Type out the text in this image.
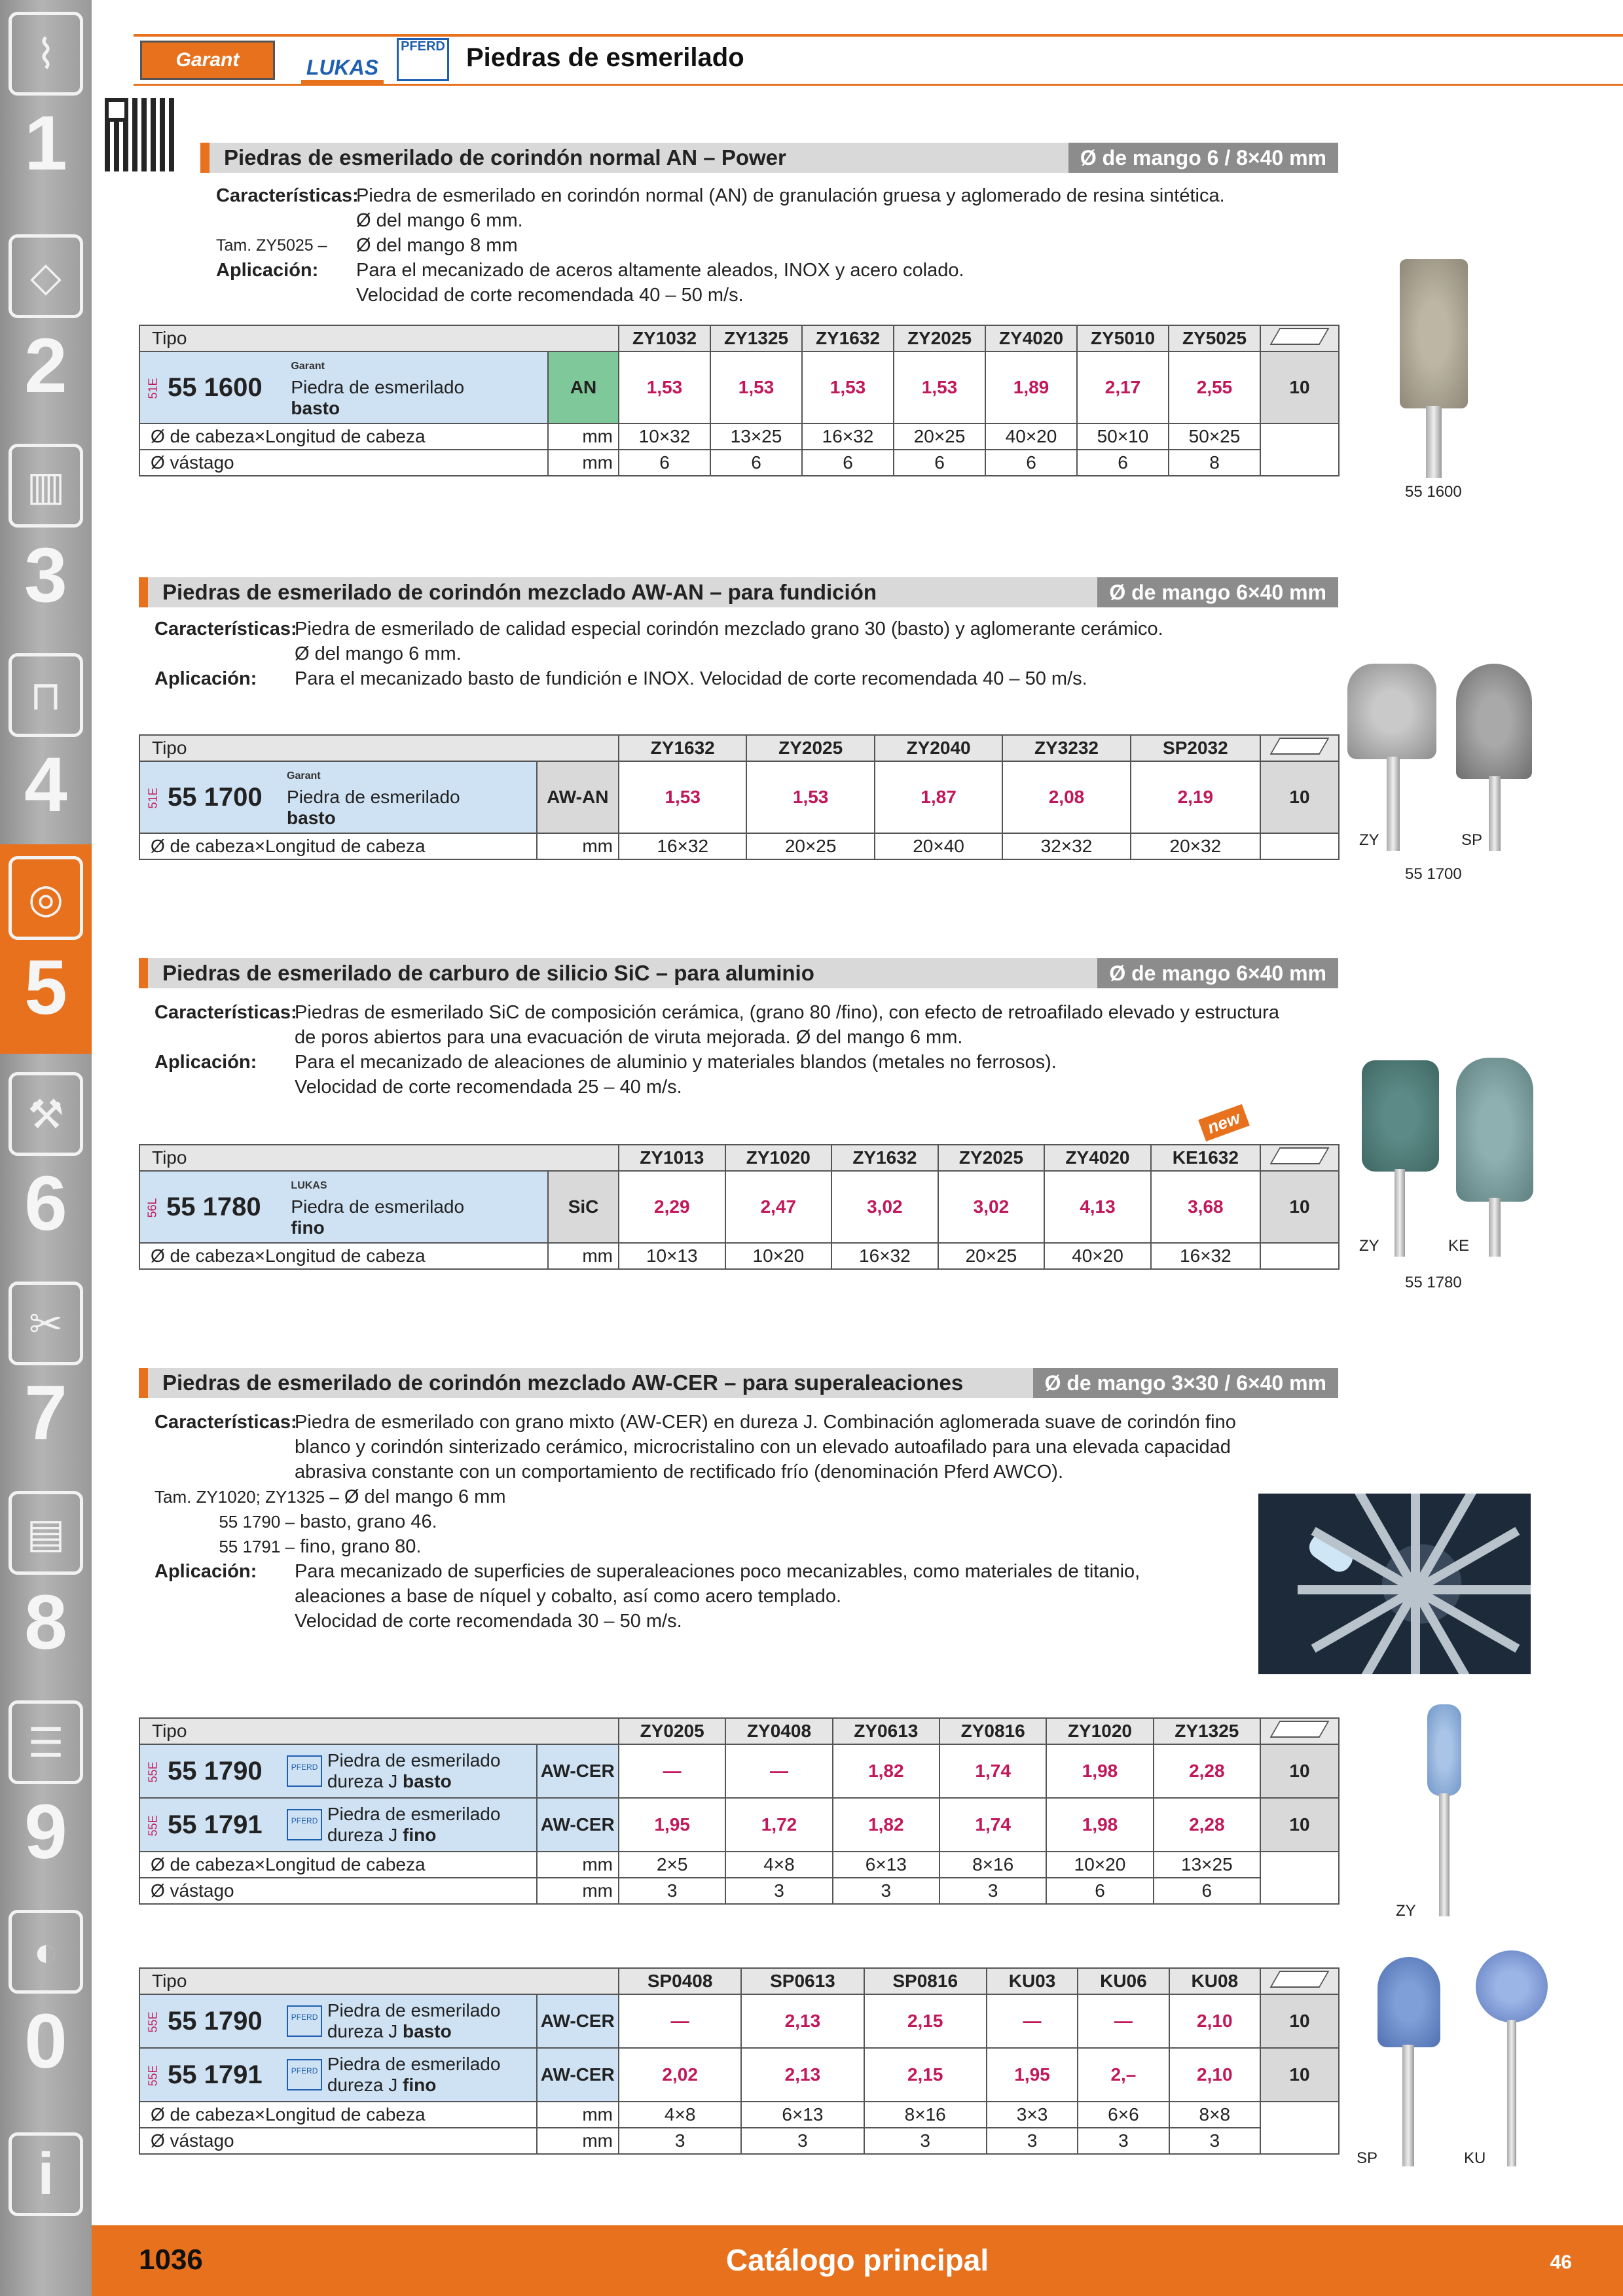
⌇
1
◇
2
▥
3
⊓
4
◎
5
⚒
6
✂
7
▤
8
☰
9
◐
0
i
Garant	LUKAS
PFERD Piedras de esmerilado
Piedras de esmerilado de corindón normal AN – Power	Ø de mango 6 / 8×40 mm
Características:
Piedra de esmerilado en corindón normal (AN) de granulación gruesa y aglomerado de resina sintética.
Ø del mango 6 mm.
Tam. ZY5025 –	Ø del mango 8 mm
Aplicación:	Para el mecanizado de aceros altamente aleados, INOX y acero colado.
Velocidad de corte recomendada 40 – 50 m/s.
Tipo			ZY1032	ZY1325	ZY1632	ZY2025	ZY4020	ZY5010	ZY5025	
51E 55 1600	Garant
Piedra de esmerilado
basto	AN	1,53	1,53	1,53	1,53	1,89	2,17	2,55	10
Ø de cabeza×Longitud de cabeza		mm	10×32	13×25	16×32	20×25	40×20	50×10	50×25	
Ø vástago		mm	6	6	6	6	6	6	8	
55 1600
Piedras de esmerilado de corindón mezclado AW-AN – para fundición	Ø de mango 6×40 mm
Características:
Piedra de esmerilado de calidad especial corindón mezclado grano 30 (basto) y aglomerante cerámico.
Ø del mango 6 mm.
Aplicación:	Para el mecanizado basto de fundición e INOX. Velocidad de corte recomendada 40 – 50 m/s.
Tipo			ZY1632	ZY2025	ZY2040	ZY3232	SP2032	
51E 55 1700	Garant
Piedra de esmerilado
basto	AW-AN	1,53	1,53	1,87	2,08	2,19	10
Ø de cabeza×Longitud de cabeza		mm	16×32	20×25	20×40	32×32	20×32		ZY	SP
55 1700
Piedras de esmerilado de carburo de silicio SiC – para aluminio	Ø de mango 6×40 mm
Características:
Piedras de esmerilado SiC de composición cerámica, (grano 80 /fino), con efecto de retroafilado elevado y estructura
de poros abiertos para una evacuación de viruta mejorada. Ø del mango 6 mm.
Aplicación:	Para el mecanizado de aleaciones de aluminio y materiales blandos (metales no ferrosos).
Velocidad de corte recomendada 25 – 40 m/s.
new
Tipo			ZY1013	ZY1020	ZY1632	ZY2025	ZY4020	KE1632	
56L 55 1780	LUKAS
Piedra de esmerilado
fino	SiC	2,29	2,47	3,02	3,02	4,13	3,68	10
Ø de cabeza×Longitud de cabeza		mm	10×13	10×20	16×32	20×25	40×20	16×32		ZY	KE
55 1780
Piedras de esmerilado de corindón mezclado AW-CER – para superaleaciones	Ø de mango 3×30 / 6×40 mm
Características:
Piedra de esmerilado con grano mixto (AW-CER) en dureza J. Combinación aglomerada suave de corindón fino
blanco y corindón sinterizado cerámico, microcristalino con un elevado autoafilado para una elevada capacidad
abrasiva constante con un comportamiento de rectificado frío (denominación Pferd AWCO).
Tam. ZY1020; ZY1325 –
Ø del mango 6 mm
55 1790 –
basto, grano 46.
55 1791 –
fino, grano 80.
Aplicación:	Para mecanizado de superficies de superaleaciones poco mecanizables, como materiales de titanio,
aleaciones a base de níquel y cobalto, así como acero templado.
Velocidad de corte recomendada 30 – 50 m/s.
Tipo			ZY0205	ZY0408	ZY0613	ZY0816	ZY1020	ZY1325	
55E 55 1790	PFERD Piedra de esmerilado
dureza J basto	AW-CER	—	—	1,82	1,74	1,98	2,28	10
55E 55 1791	PFERD Piedra de esmerilado
dureza J fino	AW-CER	1,95	1,72	1,82	1,74	1,98	2,28	10
Ø de cabeza×Longitud de cabeza		mm	2×5	4×8	6×13	8×16	10×20	13×25	
Ø vástago		mm	3	3	3	3	6	6	
ZY
Tipo			SP0408	SP0613	SP0816	KU03	KU06	KU08	
55E 55 1790	PFERD Piedra de esmerilado
dureza J basto	AW-CER	—	2,13	2,15	—	—	2,10	10
55E 55 1791	PFERD Piedra de esmerilado
dureza J fino	AW-CER	2,02	2,13	2,15	1,95	2,–	2,10	10
Ø de cabeza×Longitud de cabeza		mm	4×8	6×13	8×16	3×3	6×6	8×8	
Ø vástago		mm	3	3	3	3	3	3	
SP	KU
1036	Catálogo principal	46
